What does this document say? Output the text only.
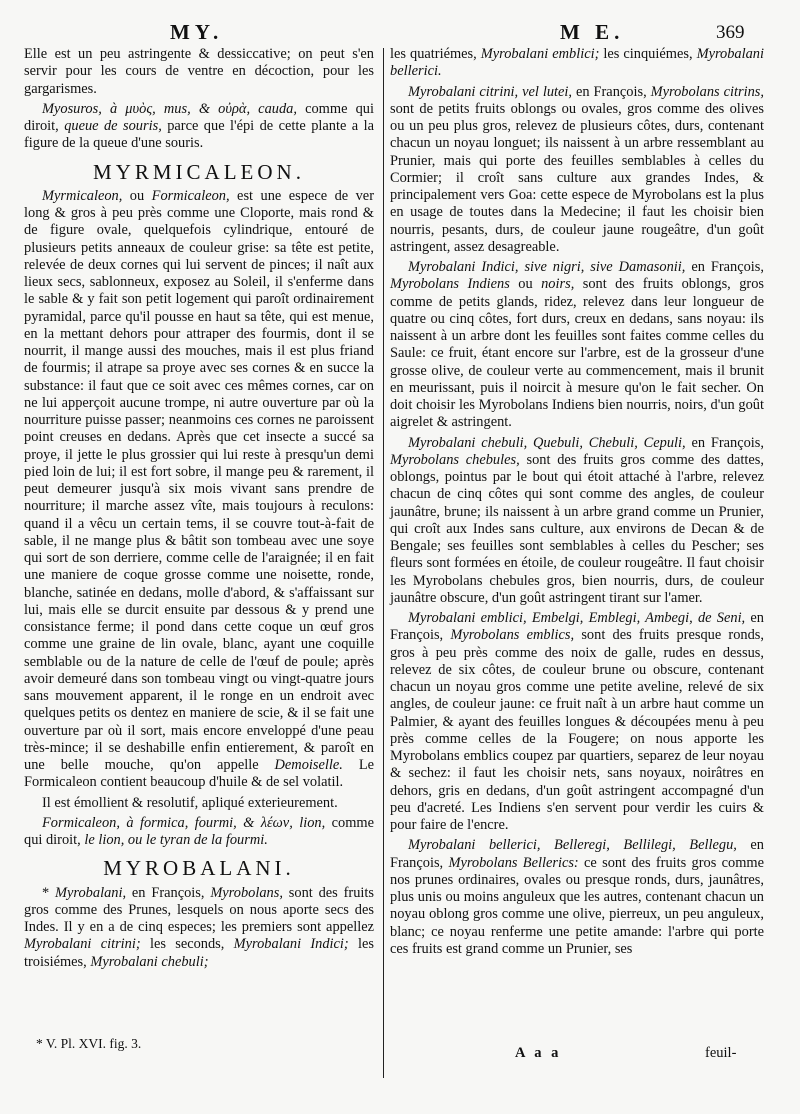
MY.	M E.	369

Elle est un peu astringente & dessiccative; on peut s'en servir pour les cours de ventre en décoction, pour les gargarismes.

Myosuros, à μυὸς, mus, & οὐρὰ, cauda, comme qui diroit, queue de souris, parce que l'épi de cette plante a la figure de la queue d'une souris.

MYRMICALEON.

Myrmicaleon, ou Formicaleon, est une espece de ver long & gros à peu près comme une Cloporte, mais rond & de figure ovale, quelquefois cylindrique, entouré de plusieurs petits anneaux de couleur grise: sa tête est petite, relevée de deux cornes qui lui servent de pinces; il naît aux lieux secs, sablonneux, exposez au Soleil, il s'enferme dans le sable & y fait son petit logement qui paroît ordinairement pyramidal, parce qu'il pousse en haut sa tête, qui est menue, en la mettant dehors pour attraper des fourmis, dont il se nourrit, il mange aussi des mouches, mais il est plus friand de fourmis; il atrape sa proye avec ses cornes & en succe la substance: il faut que ce soit avec ces mêmes cornes, car on ne lui apperçoit aucune trompe, ni autre ouverture par où la nourriture puisse passer; neanmoins ces cornes ne paroissent point creuses en dedans. Après que cet insecte a succé sa proye, il jette le plus grossier qui lui reste à presqu'un demi pied loin de lui; il est fort sobre, il mange peu & rarement, il peut demeurer jusqu'à six mois vivant sans prendre de nourriture; il marche assez vîte, mais toujours à reculons: quand il a vêcu un certain tems, il se couvre tout-à-fait de sable, il ne mange plus & bâtit son tombeau avec une soye qui sort de son derriere, comme celle de l'araignée; il en fait une maniere de coque grosse comme une noisette, ronde, blanche, satinée en dedans, molle d'abord, & s'affaissant sur lui, mais elle se durcit ensuite par dessous & y prend une consistance ferme; il pond dans cette coque un œuf gros comme une graine de lin ovale, blanc, ayant une coquille semblable ou de la nature de celle de l'œuf de poule; après avoir demeuré dans son tombeau vingt ou vingt-quatre jours sans mouvement apparent, il le ronge en un endroit avec quelques petits os dentez en maniere de scie, & il se fait une ouverture par où il sort, mais encore enveloppé d'une peau très-mince; il se deshabille enfin entierement, & paroît en une belle mouche, qu'on appelle Demoiselle. Le Formicaleon contient beaucoup d'huile & de sel volatil.

Il est émollient & resolutif, apliqué exterieurement.

Formicaleon, à formica, fourmi, & λέων, lion, comme qui diroit, le lion, ou le tyran de la fourmi.

MYROBALANI.

* Myrobalani, en François, Myrobolans, sont des fruits gros comme des Prunes, lesquels on nous aporte secs des Indes. Il y en a de cinq especes; les premiers sont appellez Myrobalani citrini; les seconds, Myrobalani Indici; les troisiémes, Myrobalani chebuli;

les quatriémes, Myrobalani emblici; les cinquiémes, Myrobalani bellerici.

Myrobalani citrini, vel lutei, en François, Myrobolans citrins, sont de petits fruits oblongs ou ovales, gros comme des olives ou un peu plus gros, relevez de plusieurs côtes, durs, contenant chacun un noyau longuet; ils naissent à un arbre ressemblant au Prunier, mais qui porte des feuilles semblables à celles du Cormier; il croît sans culture aux grandes Indes, & principalement vers Goa: cette espece de Myrobolans est la plus en usage de toutes dans la Medecine; il faut les choisir bien nourris, pesants, durs, de couleur jaune rougeâtre, d'un goût astringent, assez desagreable.

Myrobalani Indici, sive nigri, sive Damasonii, en François, Myrobolans Indiens ou noirs, sont des fruits oblongs, gros comme de petits glands, ridez, relevez dans leur longueur de quatre ou cinq côtes, fort durs, creux en dedans, sans noyau: ils naissent à un arbre dont les feuilles sont faites comme celles du Saule: ce fruit, étant encore sur l'arbre, est de la grosseur d'une grosse olive, de couleur verte au commencement, mais il brunit en meurissant, puis il noircit à mesure qu'on le fait secher. On doit choisir les Myrobolans Indiens bien nourris, noirs, d'un goût aigrelet & astringent.

Myrobalani chebuli, Quebuli, Chebuli, Cepuli, en François, Myrobolans chebules, sont des fruits gros comme des dattes, oblongs, pointus par le bout qui étoit attaché à l'arbre, relevez chacun de cinq côtes qui sont comme des angles, de couleur jaunâtre, brune; ils naissent à un arbre grand comme un Prunier, qui croît aux Indes sans culture, aux environs de Decan & de Bengale; ses feuilles sont semblables à celles du Pescher; ses fleurs sont formées en étoile, de couleur rougeâtre. Il faut choisir les Myrobolans chebules gros, bien nourris, durs, de couleur jaunâtre obscure, d'un goût astringent tirant sur l'amer.

Myrobalani emblici, Embelgi, Emblegi, Ambegi, de Seni, en François, Myrobolans emblics, sont des fruits presque ronds, gros à peu près comme des noix de galle, rudes en dessus, relevez de six côtes, de couleur brune ou obscure, contenant chacun un noyau gros comme une petite aveline, relevé de six angles, de couleur jaune: ce fruit naît à un arbre haut comme un Palmier, & ayant des feuilles longues & découpées menu à peu près comme celles de la Fougere; on nous apporte les Myrobolans emblics coupez par quartiers, separez de leur noyau & sechez: il faut les choisir nets, sans noyaux, noirâtres en dehors, gris en dedans, d'un goût astringent accompagné d'un peu d'acreté. Les Indiens s'en servent pour verdir les cuirs & pour faire de l'encre.

Myrobalani bellerici, Belleregi, Bellilegi, Bellegu, en François, Myrobolans Bellerics: ce sont des fruits gros comme nos prunes ordinaires, ovales ou presque ronds, durs, jaunâtres, plus unis ou moins anguleux que les autres, contenant chacun un noyau oblong gros comme une olive, pierreux, un peu anguleux, blanc; ce noyau renferme une petite amande: l'arbre qui porte ces fruits est grand comme un Prunier, ses

* V. Pl. XVI. fig. 3.
A a a	feuil-
